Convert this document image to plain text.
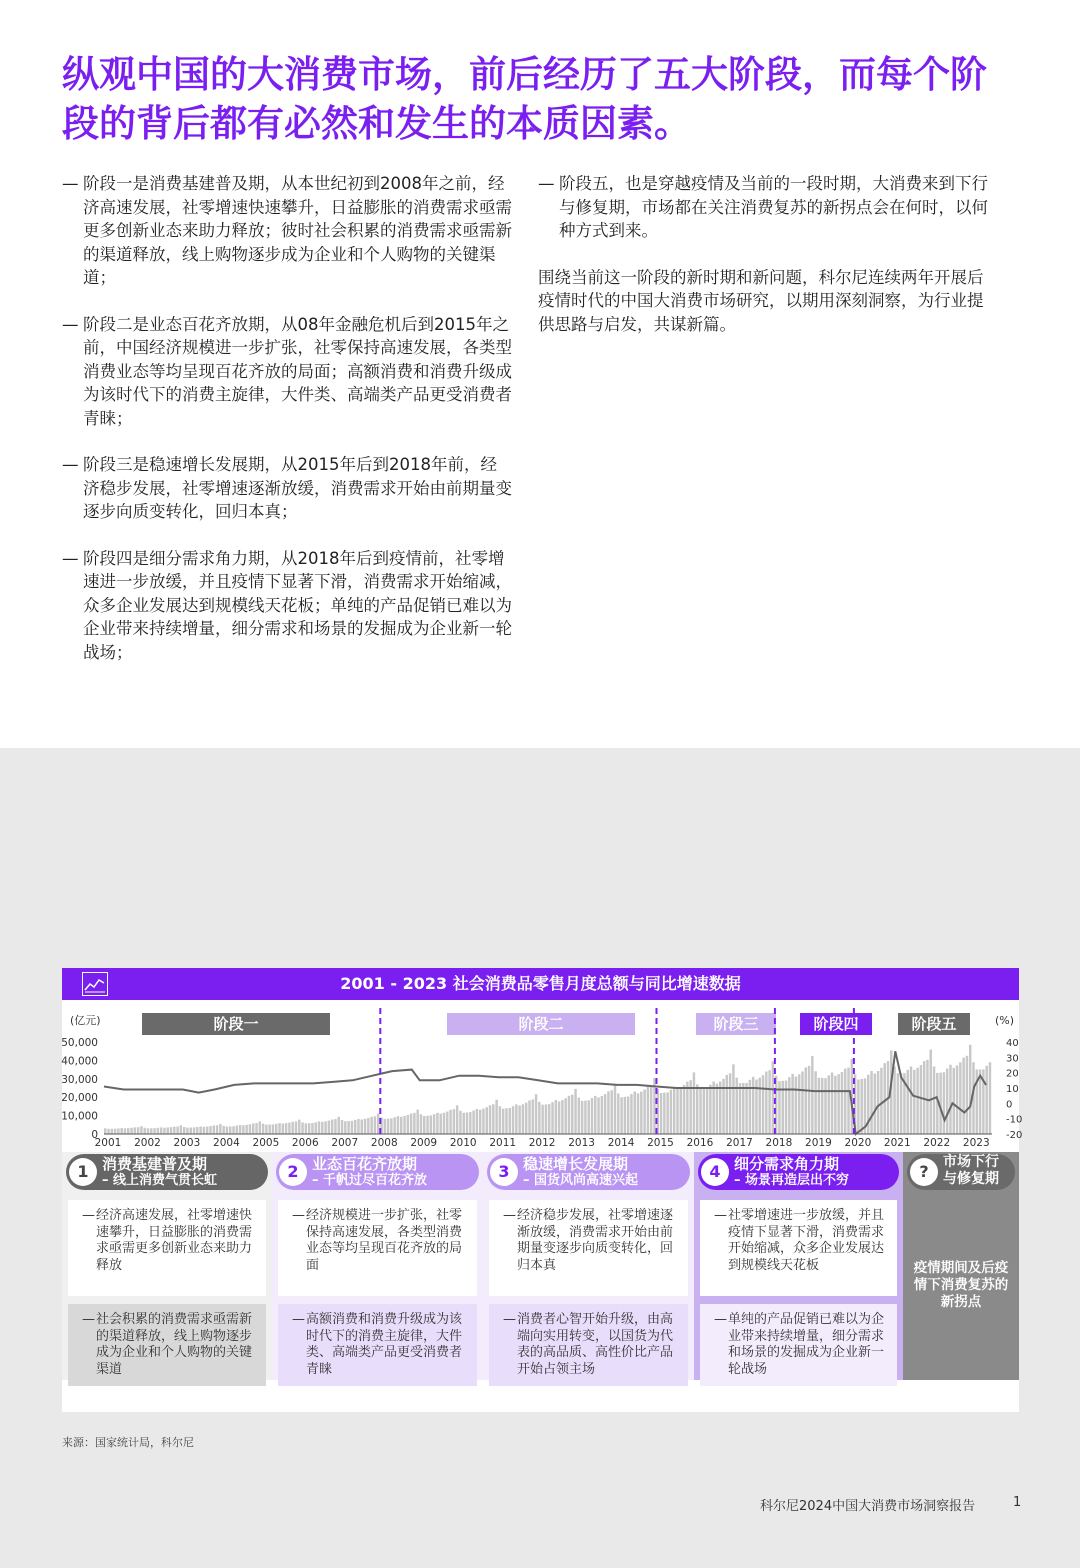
纵观中国的大消费市场，前后经历了五大阶段，而每个阶段的背后都有必然和发生的本质因素。
— 阶段一是消费基建普及期，从本世纪初到2008年之前，经济高速发展，社零增速快速攀升，日益膨胀的消费需求亟需更多创新业态来助力释放；彼时社会积累的消费需求亟需新的渠道释放，线上购物逐步成为企业和个人购物的关键渠道；
— 阶段二是业态百花齐放期，从08年金融危机后到2015年之前，中国经济规模进一步扩张，社零保持高速发展，各类型消费业态等均呈现百花齐放的局面；高额消费和消费升级成为该时代下的消费主旋律，大件类、高端类产品更受消费者青睐；
— 阶段三是稳速增长发展期，从2015年后到2018年前，经济稳步发展，社零增速逐渐放缓，消费需求开始由前期量变逐步向质变转化，回归本真；
— 阶段四是细分需求角力期，从2018年后到疫情前，社零增速进一步放缓，并且疫情下显著下滑，消费需求开始缩减，众多企业发展达到规模线天花板；单纯的产品促销已难以为企业带来持续增量，细分需求和场景的发掘成为企业新一轮战场；
— 阶段五，也是穿越疫情及当前的一段时期，大消费来到下行与修复期，市场都在关注消费复苏的新拐点会在何时，以何种方式到来。
围绕当前这一阶段的新时期和新问题，科尔尼连续两年开展后疫情时代的中国大消费市场研究，以期用深刻洞察，为行业提供思路与启发，共谋新篇。
2001 - 2023 社会消费品零售月度总额与同比增速数据
阶段一	阶段二	阶段三	阶段四	阶段五
(亿元)	(%)
50,000
40,000
30,000
20,000
10,000
0
40
30
20
10
0
-10
-20
2001 2002 2003 2004 2005 2006 2007 2008 2009 2010 2011 2012 2013 2014 2015 2016 2017 2018 2019 2020 2021 2022 2023
1 消费基建普及期
– 线上消费气贯长虹
— 经济高速发展，社零增速快速攀升，日益膨胀的消费需求亟需更多创新业态来助力释放
— 社会积累的消费需求亟需新的渠道释放，线上购物逐步成为企业和个人购物的关键渠道
2 业态百花齐放期
– 千帆过尽百花齐放
— 经济规模进一步扩张，社零保持高速发展，各类型消费业态等均呈现百花齐放的局面
— 高额消费和消费升级成为该时代下的消费主旋律，大件类、高端类产品更受消费者青睐
3 稳速增长发展期
– 国货风尚高速兴起
— 经济稳步发展，社零增速逐渐放缓，消费需求开始由前期量变逐步向质变转化，回归本真
— 消费者心智开始升级，由高端向实用转变，以国货为代表的高品质、高性价比产品开始占领主场
4 细分需求角力期
– 场景再造层出不穷
— 社零增速进一步放缓，并且疫情下显著下滑，消费需求开始缩减，众多企业发展达到规模线天花板
— 单纯的产品促销已难以为企业带来持续增量，细分需求和场景的发掘成为企业新一轮战场
?	市场下行
与修复期
疫情期间及后疫情下消费复苏的新拐点
来源：国家统计局，科尔尼
科尔尼2024中国大消费市场洞察报告	1
